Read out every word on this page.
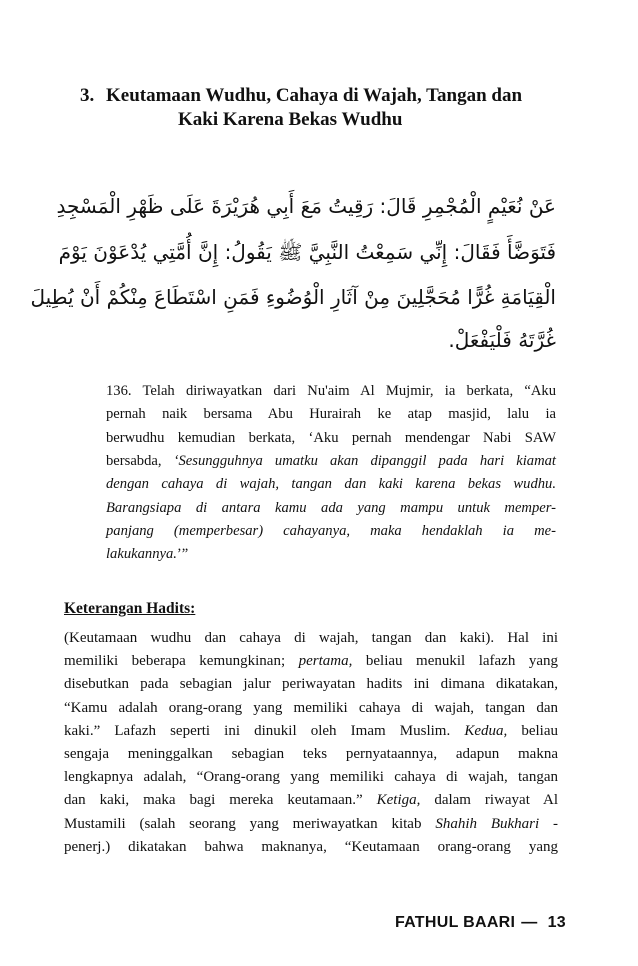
3. Keutamaan Wudhu, Cahaya di Wajah, Tangan dan
Kaki Karena Bekas Wudhu
عَنْ نُعَيْمٍ الْمُجْمِرِ قَالَ: رَقِيتُ مَعَ أَبِي هُرَيْرَةَ عَلَى ظَهْرِ الْمَسْجِدِ
فَتَوَضَّأَ فَقَالَ: إِنِّي سَمِعْتُ النَّبِيَّ ﷺ يَقُولُ: إِنَّ أُمَّتِي يُدْعَوْنَ يَوْمَ
الْقِيَامَةِ غُرًّا مُحَجَّلِينَ مِنْ آثَارِ الْوُضُوءِ فَمَنِ اسْتَطَاعَ مِنْكُمْ أَنْ يُطِيلَ
غُرَّتَهُ فَلْيَفْعَلْ.
136. Telah diriwayatkan dari Nu'aim Al Mujmir, ia berkata, “Aku
pernah naik bersama Abu Hurairah ke atap masjid, lalu ia
berwudhu kemudian berkata, ‘Aku pernah mendengar Nabi SAW
bersabda, ‘Sesungguhnya umatku akan dipanggil pada hari kiamat
dengan cahaya di wajah, tangan dan kaki karena bekas wudhu.
Barangsiapa di antara kamu ada yang mampu untuk memper-
panjang (memperbesar) cahayanya, maka hendaklah ia me-
lakukannya.’”
Keterangan Hadits:
(Keutamaan wudhu dan cahaya di wajah, tangan dan kaki). Hal ini
memiliki beberapa kemungkinan; pertama, beliau menukil lafazh yang
disebutkan pada sebagian jalur periwayatan hadits ini dimana dikatakan,
“Kamu adalah orang-orang yang memiliki cahaya di wajah, tangan dan
kaki.” Lafazh seperti ini dinukil oleh Imam Muslim. Kedua, beliau
sengaja meninggalkan sebagian teks pernyataannya, adapun makna
lengkapnya adalah, “Orang-orang yang memiliki cahaya di wajah, tangan
dan kaki, maka bagi mereka keutamaan.” Ketiga, dalam riwayat Al
Mustamili (salah seorang yang meriwayatkan kitab Shahih Bukhari -
penerj.) dikatakan bahwa maknanya, “Keutamaan orang-orang yang
FATHUL BAARI — 13
